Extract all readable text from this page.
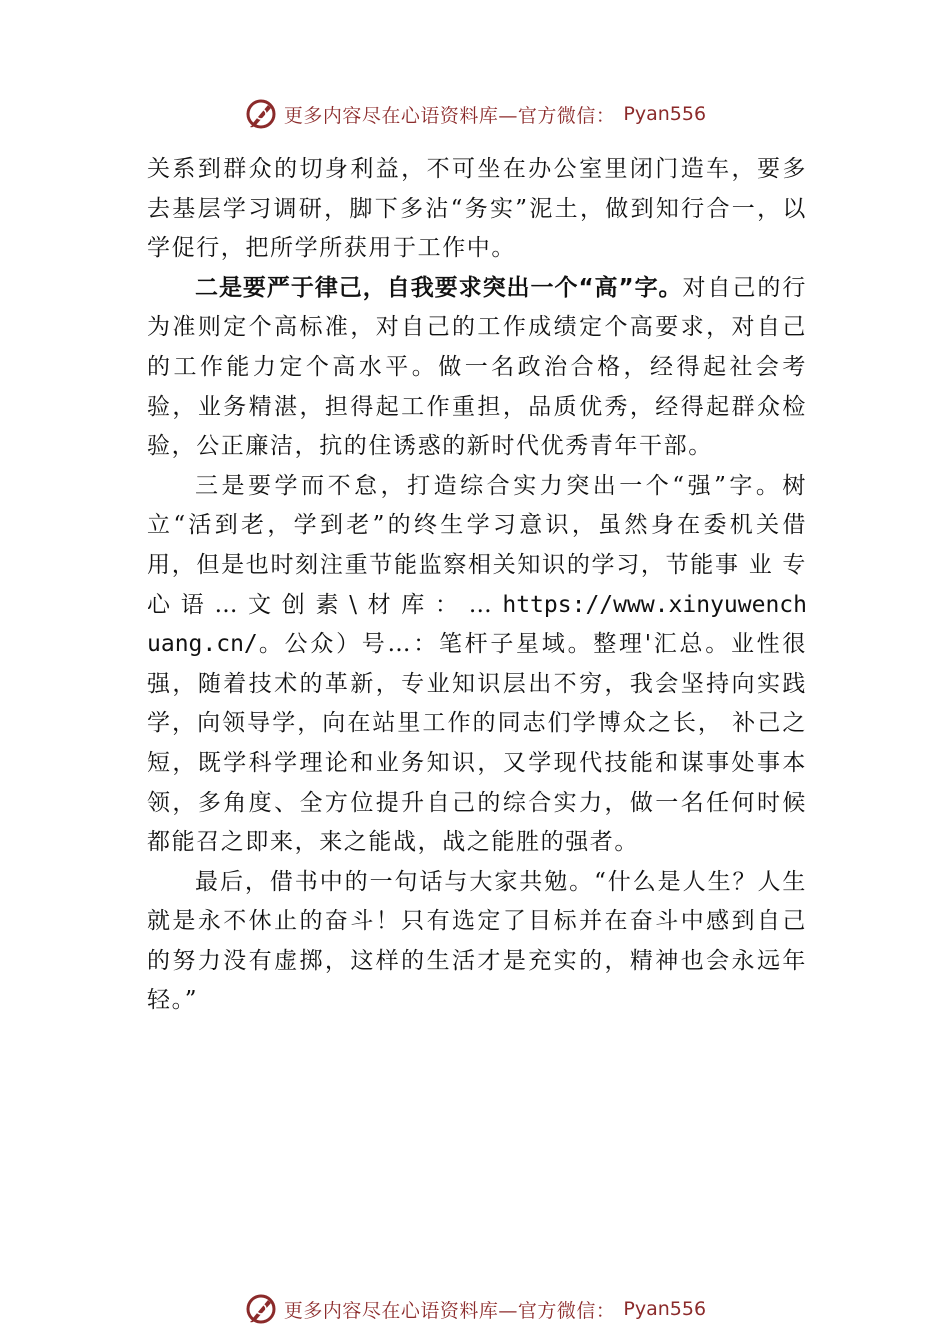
更多内容尽在心语资料库—官方微信： Pyan556

关系到群众的切身利益，不可坐在办公室里闭门造车，要多去基层学习调研，脚下多沾“务实”泥土，做到知行合一，以学促行，把所学所获用于工作中。

二是要严于律己，自我要求突出一个“高”字。对自己的行为准则定个高标准，对自己的工作成绩定个高要求，对自己的工作能力定个高水平。做一名政治合格，经得起社会考验，业务精湛，担得起工作重担，品质优秀，经得起群众检验，公正廉洁，抗的住诱惑的新时代优秀青年干部。

三是要学而不怠，打造综合实力突出一个“强”字。树 立“活到老，学到老”的终生学习意识，虽然身在委机关借用，但是也时刻注重节能监察相关知识的学习，节能事 业 专 心 语 … 文 创 素 \ 材 库 ： … https://www.xinyuwenchuang.cn/。公众）号…：笔杆子星域。整理'汇总。业性很强，随着技术的革新，专业知识层出不穷，我会坚持向实践学，向领导学，向在站里工作的同志们学博众之长， 补己之短，既学科学理论和业务知识，又学现代技能和谋事处事本领，多角度、全方位提升自己的综合实力，做一名任何时候都能召之即来，来之能战，战之能胜的强者。

最后，借书中的一句话与大家共勉。“什么是人生？人生就是永不休止的奋斗！只有选定了目标并在奋斗中感到自己的努力没有虚掷，这样的生活才是充实的，精神也会永远年轻。”

更多内容尽在心语资料库—官方微信： Pyan556
